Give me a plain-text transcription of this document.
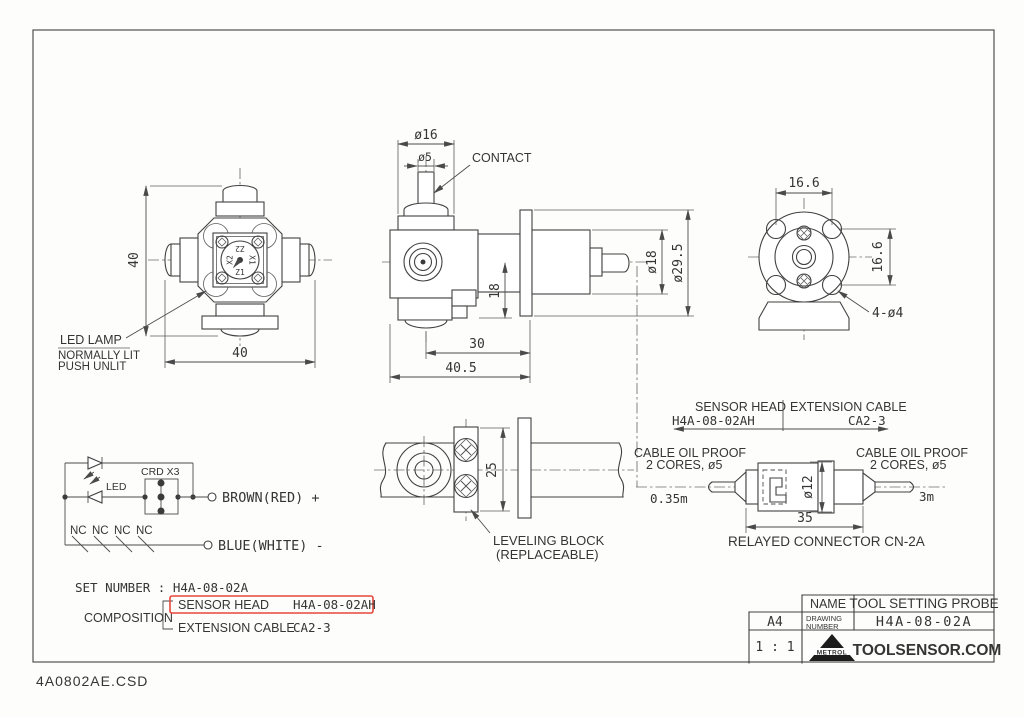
Z2
X2 X1
Z1
40
40
LED LAMP
NORMALLY LIT
PUSH UNLIT
ø16
ø5	CONTACT
18
30
40.5
ø18 ø29.5
16.6
16.6
4-ø4
LED
CRD X3
BROWN(RED) +
NC NC NC NC
BLUE(WHITE) -
25
LEVELING BLOCK
(REPLACEABLE)
SENSOR HEAD
H4A-08-02AH
EXTENSION CABLE
CA2-3
CABLE OIL PROOF
2 CORES, ø5
CABLE OIL PROOF
2 CORES, ø5
0.35m	3m
ø12
35
RELAYED CONNECTOR CN-2A
SET NUMBER : H4A-08-02A
COMPOSITION
SENSOR HEAD H4A-08-02AH
EXTENSION CABLE
CA2-3
NAME TOOL SETTING PROBE
A4	DRAWING
NUMBER	H4A-08-02A
1 : 1	METROL TOOLSENSOR.COM
4A0802AE.CSD
